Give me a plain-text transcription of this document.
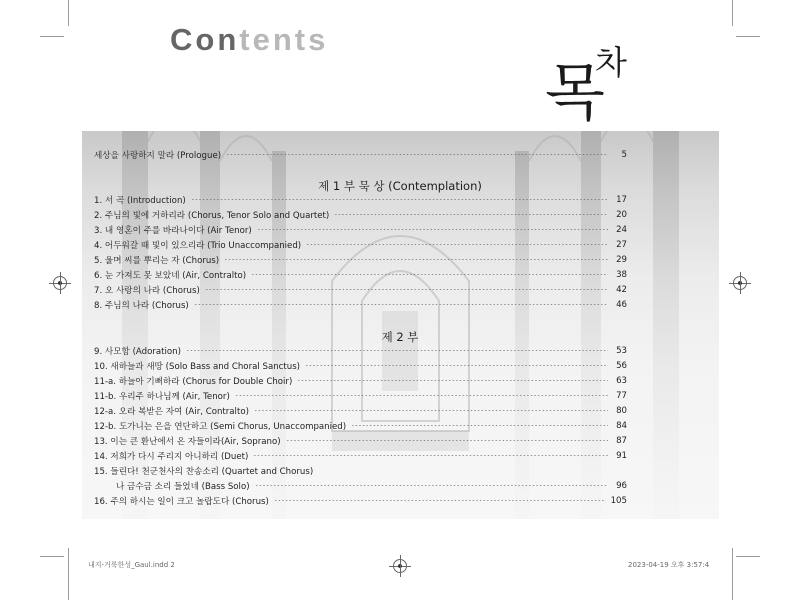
Contents
목
차
세상을 사랑하지 말라 (Prologue)	5
제 1 부 묵 상 (Contemplation)
1. 서 곡 (Introduction)	17
2. 주님의 빛에 거하리라 (Chorus, Tenor Solo and Quartet)	20
3. 내 영혼이 주를 바라나이다 (Air Tenor)	24
4. 어두워갈 때 빛이 있으리라 (Trio Unaccompanied)	27
5. 울며 씨를 뿌리는 자 (Chorus)	29
6. 눈 가져도 못 보았네 (Air, Contralto)	38
7. 오 사랑의 나라 (Chorus)	42
8. 주님의 나라 (Chorus)	46
제 2 부
9. 사모함 (Adoration)	53
10. 새하늘과 새땅 (Solo Bass and Choral Sanctus)	56
11-a. 하늘아 기뻐하라 (Chorus for Double Choir)	63
11-b. 우리주 하나님께 (Air, Tenor)	77
12-a. 오라 복받은 자여 (Air, Contralto)	80
12-b. 도가니는 은을 연단하고 (Semi Chorus, Unaccompanied)	84
13. 이는 큰 환난에서 온 자들이라(Air, Soprano)	87
14. 저희가 다시 주리지 아니하리 (Duet)	91
15. 들린다! 천군천사의 찬송소리 (Quartet and Chorus)
나 금수금 소리 들었네 (Bass Solo)	96
16. 주의 하시는 일이 크고 놀랍도다 (Chorus)	105
내지-거룩한성_Gaul.indd 2	2023-04-19 오후 3:57:4
